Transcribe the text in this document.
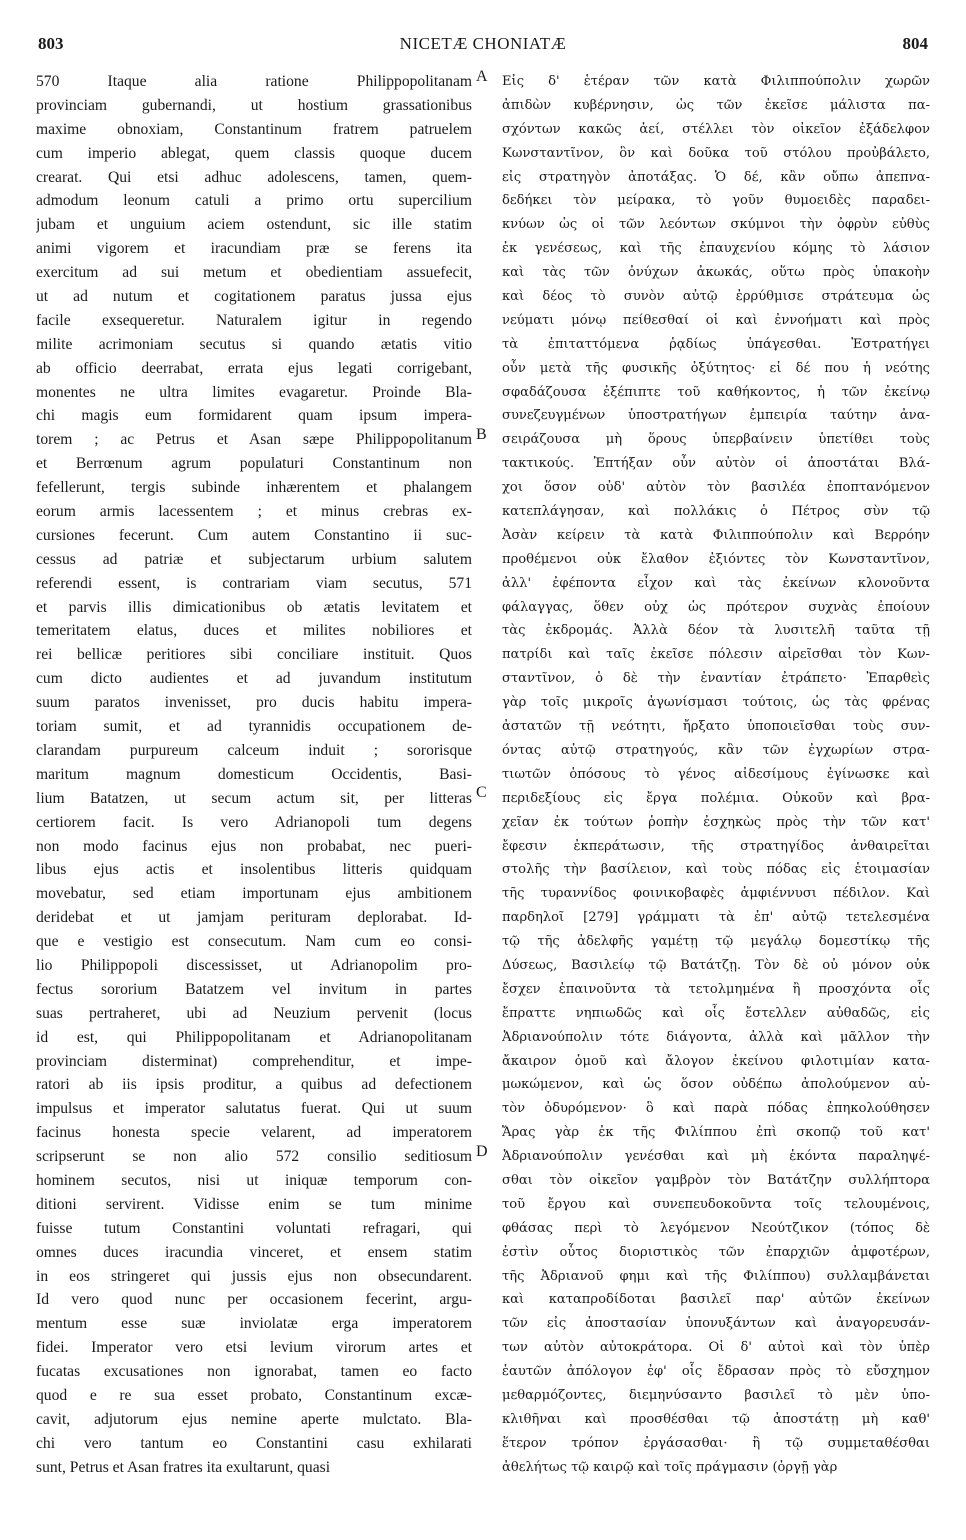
803	NICETÆ CHONIATÆ	804
570 Itaque alia ratione Philippopolitanam
provinciam gubernandi, ut hostium grassationibus
maxime obnoxiam, Constantinum fratrem patruelem
cum imperio ablegat, quem classis quoque ducem
crearat. Qui etsi adhuc adolescens, tamen, quem-
admodum leonum catuli a primo ortu supercilium
jubam et unguium aciem ostendunt, sic ille statim
animi vigorem et iracundiam præ se ferens ita
exercitum ad sui metum et obedientiam assuefecit,
ut ad nutum et cogitationem paratus jussa ejus
facile exsequeretur. Naturalem igitur in regendo
milite acrimoniam secutus si quando ætatis vitio
ab officio deerrabat, errata ejus legati corrigebant,
monentes ne ultra limites evagaretur. Proinde Bla-
chi magis eum formidarent quam ipsum impera-
torem ; ac Petrus et Asan sæpe Philippopolitanum
et Berrœnum agrum populaturi Constantinum non
fefellerunt, tergis subinde inhærentem et phalangem
eorum armis lacessentem ; et minus crebras ex-
cursiones fecerunt. Cum autem Constantino ii suc-
cessus ad patriæ et subjectarum urbium salutem
referendi essent, is contrariam viam secutus, 571
et parvis illis dimicationibus ob ætatis levitatem et
temeritatem elatus, duces et milites nobiliores et
rei bellicæ peritiores sibi conciliare instituit. Quos
cum dicto audientes et ad juvandum institutum
suum paratos invenisset, pro ducis habitu impera-
toriam sumit, et ad tyrannidis occupationem de-
clarandam purpureum calceum induit ; sororisque
maritum magnum domesticum Occidentis, Basi-
lium Batatzen, ut secum actum sit, per litteras
certiorem facit. Is vero Adrianopoli tum degens
non modo facinus ejus non probabat, nec pueri-
libus ejus actis et insolentibus litteris quidquam
movebatur, sed etiam importunam ejus ambitionem
deridebat et ut jamjam perituram deplorabat. Id-
que e vestigio est consecutum. Nam cum eo consi-
lio Philippopoli discessisset, ut Adrianopolim pro-
fectus sororium Batatzem vel invitum in partes
suas pertraheret, ubi ad Neuzium pervenit (locus
id est, qui Philippopolitanam et Adrianopolitanam
provinciam disterminat) comprehenditur, et impe-
ratori ab iis ipsis proditur, a quibus ad defectionem
impulsus et imperator salutatus fuerat. Qui ut suum
facinus honesta specie velarent, ad imperatorem
scripserunt se non alio 572 consilio seditiosum
hominem secutos, nisi ut iniquæ temporum con-
ditioni servirent. Vidisse enim se tum minime
fuisse tutum Constantini voluntati refragari, qui
omnes duces iracundia vinceret, et ensem statim
in eos stringeret qui jussis ejus non obsecundarent.
Id vero quod nunc per occasionem fecerint, argu-
mentum esse suæ inviolatæ erga imperatorem
fidei. Imperator vero etsi levium virorum artes et
fucatas excusationes non ignorabat, tamen eo facto
quod e re sua esset probato, Constantinum excæ-
cavit, adjutorum ejus nemine aperte mulctato. Bla-
chi vero tantum eo Constantini casu exhilarati
sunt, Petrus et Asan fratres ita exultarunt, quasi
Εἰς δ' ἑτέραν τῶν κατὰ Φιλιππούπολιν χωρῶν
ἀπιδὼν κυβέρνησιν, ὡς τῶν ἐκεῖσε μάλιστα πα-
σχόντων κακῶς ἀεί, στέλλει τὸν οἰκεῖον ἐξάδελφον
Κωνσταντῖνον, ὃν καὶ δοῦκα τοῦ στόλου προὐβάλετο,
εἰς στρατηγὸν ἀποτάξας. Ὁ δέ, κἂν οὔπω ἀπεπνα-
δεδήκει τὸν μείρακα, τὸ γοῦν θυμοειδὲς παραδει-
κνύων ὡς οἱ τῶν λεόντων σκύμνοι τὴν ὀφρὺν εὐθὺς
ἐκ γενέσεως, καὶ τῆς ἐπαυχενίου κόμης τὸ λάσιον
καὶ τὰς τῶν ὀνύχων ἀκωκάς, οὕτω πρὸς ὑπακοὴν
καὶ δέος τὸ συνὸν αὐτῷ ἐρρύθμισε στράτευμα ὡς
νεύματι μόνῳ πείθεσθαί οἱ καὶ ἐννοήματι καὶ πρὸς
τὰ ἐπιταττόμενα ῥᾳδίως ὑπάγεσθαι. Ἐστρατήγει
οὖν μετὰ τῆς φυσικῆς ὀξύτητος· εἰ δέ που ἡ νεότης
σφαδάζουσα ἐξέπιπτε τοῦ καθήκοντος, ἡ τῶν ἐκείνῳ
συνεζευγμένων ὑποστρατήγων ἐμπειρία ταύτην ἀνα-
σειράζουσα μὴ ὅρους ὑπερβαίνειν ὑπετίθει τοὺς
τακτικούς. Ἐπτήξαν οὖν αὐτὸν οἱ ἀποστάται Βλά-
χοι ὅσον οὐδ' αὐτὸν τὸν βασιλέα ἐποπτανόμενον
κατεπλάγησαν, καὶ πολλάκις ὁ Πέτρος σὺν τῷ
Ἀσὰν κείρειν τὰ κατὰ Φιλιππούπολιν καὶ Βερρόην
προθέμενοι οὐκ ἔλαθον ἐξιόντες τὸν Κωνσταντῖνον,
ἀλλ' ἐφέποντα εἶχον καὶ τὰς ἐκείνων κλονοῦντα
φάλαγγας, ὅθεν οὐχ ὡς πρότερον συχνὰς ἐποίουν
τὰς ἐκδρομάς. Ἀλλὰ δέον τὰ λυσιτελῆ ταῦτα τῇ
πατρίδι καὶ ταῖς ἐκεῖσε πόλεσιν αἱρεῖσθαι τὸν Κων-
σταντῖνον, ὁ δὲ τὴν ἐναντίαν ἐτράπετο· Ἐπαρθεὶς
γὰρ τοῖς μικροῖς ἀγωνίσμασι τούτοις, ὡς τὰς φρένας
ἀστατῶν τῇ νεότητι, ἤρξατο ὑποποιεῖσθαι τοὺς συν-
όντας αὐτῷ στρατηγούς, κἂν τῶν ἐγχωρίων στρα-
τιωτῶν ὁπόσους τὸ γένος αἰδεσίμους ἐγίνωσκε καὶ
περιδεξίους εἰς ἔργα πολέμια. Οὐκοῦν καὶ βρα-
χεῖαν ἐκ τούτων ῥοπὴν ἐσχηκὼς πρὸς τὴν τῶν κατ'
ἔφεσιν ἐκπεράτωσιν, τῆς στρατηγίδος ἀνθαιρεῖται
στολῆς τὴν βασίλειον, καὶ τοὺς πόδας εἰς ἑτοιμασίαν
τῆς τυραννίδος φοινικοβαφὲς ἀμφιέννυσι πέδιλον. Καὶ
παρδηλοῖ [279] γράμματι τὰ ἐπ' αὐτῷ τετελεσμένα
τῷ τῆς ἀδελφῆς γαμέτῃ τῷ μεγάλῳ δομεστίκῳ τῆς
Δύσεως, Βασιλείῳ τῷ Βατάτζῃ. Τὸν δὲ οὐ μόνον οὐκ
ἔσχεν ἐπαινοῦντα τὰ τετολμημένα ἢ προσχόντα οἷς
ἔπραττε νηπιωδῶς καὶ οἷς ἔστελλεν αὐθαδῶς, εἰς
Ἀδριανούπολιν τότε διάγοντα, ἀλλὰ καὶ μᾶλλον τὴν
ἄκαιρον ὁμοῦ καὶ ἄλογον ἐκείνου φιλοτιμίαν κατα-
μωκώμενον, καὶ ὡς ὅσον οὐδέπω ἀπολούμενον αὐ-
τὸν ὀδυρόμενον· ὃ καὶ παρὰ πόδας ἐπηκολούθησεν
Ἄρας γὰρ ἐκ τῆς Φιλίππου ἐπὶ σκοπῷ τοῦ κατ'
Ἀδριανούπολιν γενέσθαι καὶ μὴ ἑκόντα παραληψέ-
σθαι τὸν οἰκεῖον γαμβρὸν τὸν Βατάτζην συλλήπτορα
τοῦ ἔργου καὶ συνεπευδοκοῦντα τοῖς τελουμένοις,
φθάσας περὶ τὸ λεγόμενον Νεούτζικον (τόπος δὲ
ἐστὶν οὗτος διοριστικὸς τῶν ἐπαρχιῶν ἀμφοτέρων,
τῆς Ἀδριανοῦ φημι καὶ τῆς Φιλίππου) συλλαμβάνεται
καὶ καταπροδίδοται βασιλεῖ παρ' αὐτῶν ἐκείνων
τῶν εἰς ἀποστασίαν ὑπονυξάντων καὶ ἀναγορευσάν-
των αὐτὸν αὐτοκράτορα. Οἱ δ' αὐτοὶ καὶ τὸν ὑπὲρ
ἑαυτῶν ἀπόλογον ἐφ' οἷς ἔδρασαν πρὸς τὸ εὔσχημον
μεθαρμόζοντες, διεμηνύσαντο βασιλεῖ τὸ μὲν ὑπο-
κλιθῆναι καὶ προσθέσθαι τῷ ἀποστάτῃ μὴ καθ'
ἕτερον τρόπον ἐργάσασθαι· ἢ τῷ συμμεταθέσθαι
ἀθελήτως τῷ καιρῷ καὶ τοῖς πράγμασιν (ὀργῇ γὰρ
A
B
C
D
